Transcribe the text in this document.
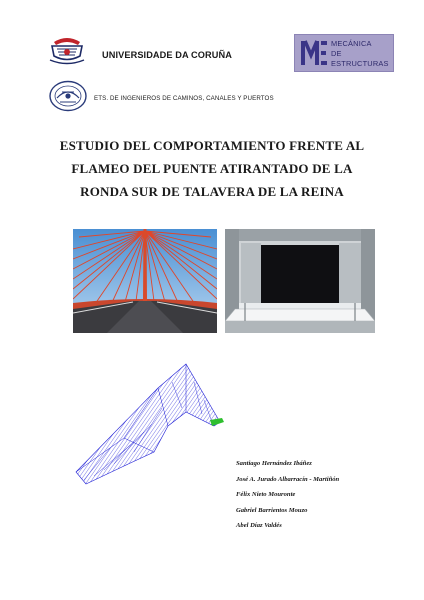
UNIVERSIDADE DA CORUÑA
MECÁNICA
DE
ESTRUCTURAS
ETS. DE INGENIEROS DE CAMINOS, CANALES Y PUERTOS
ESTUDIO DEL COMPORTAMIENTO FRENTE AL
FLAMEO DEL PUENTE ATIRANTADO DE LA
RONDA SUR DE TALAVERA DE LA REINA
Santiago Hernández Ibáñez
José A. Jurado Albarracín - Martiñón
Félix Nieto Mouronte
Gabriel Barrientos Mouzo
Abel Díaz Valdés
